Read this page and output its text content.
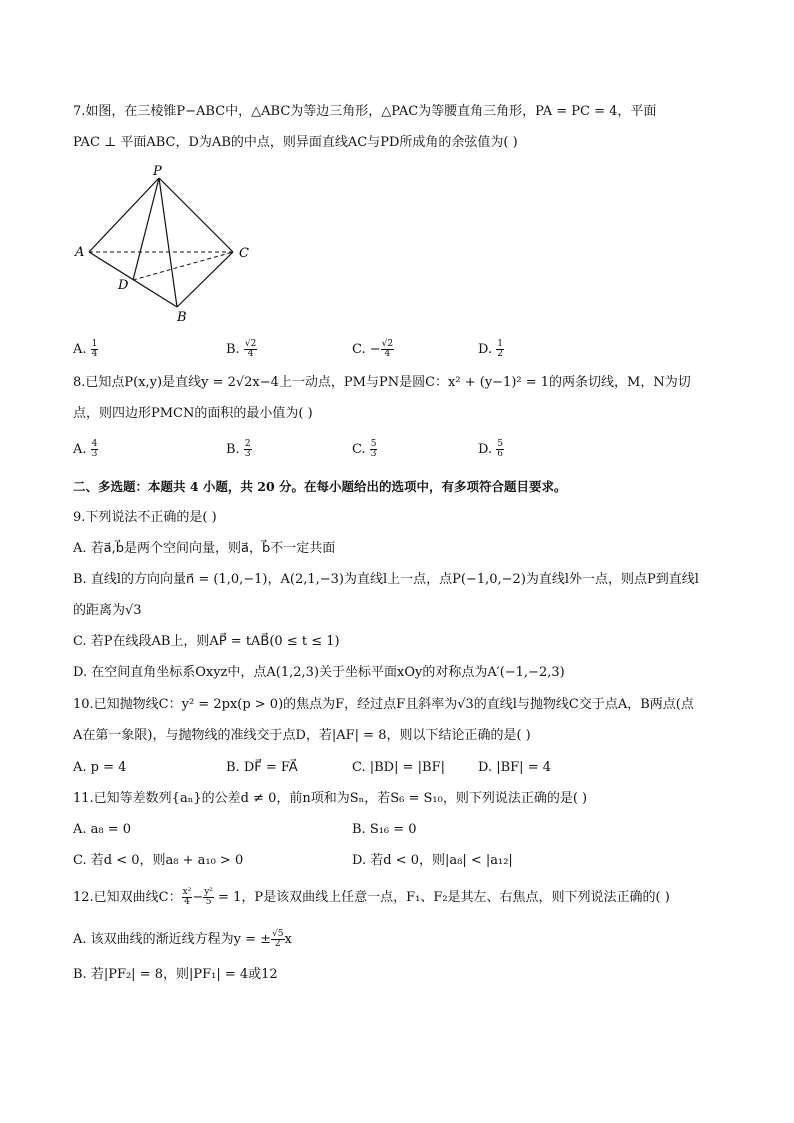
7.如图，在三棱锥P−ABC中，△ABC为等边三角形，△PAC为等腰直角三角形，PA = PC = 4，平面
PAC ⊥ 平面ABC，D为AB的中点，则异面直线AC与PD所成角的余弦值为( )
P
A	C
D
B
A. $\frac{1}{4}$	B. $\frac{√2}{4}$	C. − $\frac{√2}{4}$	D. $\frac{1}{2}$
8.已知点P(x,y)是直线y = 2√2x−4上一动点，PM与PN是圆C：x² + (y−1)² = 1的两条切线，M，N为切
点，则四边形PMCN的面积的最小值为( )
A. $\frac{4}{3}$	B. $\frac{2}{3}$	C. $\frac{5}{3}$	D. $\frac{5}{6}$
二、多选题：本题共 4 小题，共 20 分。在每小题给出的选项中，有多项符合题目要求。
9.下列说法不正确的是( )
A. 若a⃗,b⃗是两个空间向量，则a⃗，b⃗不一定共面
B. 直线l的方向向量n⃗ = (1,0,−1)，A(2,1,−3)为直线l上一点，点P(−1,0,−2)为直线l外一点，则点P到直线l
的距离为√3
C. 若P在线段AB上，则AP⃗ = tAB⃗(0 ≤ t ≤ 1)
D. 在空间直角坐标系Oxyz中，点A(1,2,3)关于坐标平面xOy的对称点为A′(−1,−2,3)
10.已知抛物线C：y² = 2px(p > 0)的焦点为F，经过点F且斜率为√3的直线l与抛物线C交于点A，B两点(点
A在第一象限)，与抛物线的准线交于点D，若|AF| = 8，则以下结论正确的是( )
A. p = 4	B. DF⃗ = FA⃗	C. |BD| = |BF|	D. |BF| = 4
11.已知等差数列{aₙ}的公差d ≠ 0，前n项和为Sₙ，若S₆ = S₁₀，则下列说法正确的是( )
A. a₈ = 0	B. S₁₆ = 0
C. 若d < 0，则a₈ + a₁₀ > 0	D. 若d < 0，则|a₈| < |a₁₂|
12.已知双曲线C： $\frac{\text{x²}}{4} - \frac{\text{y²}}{5} = 1$，P是该双曲线上任意一点，F₁、F₂是其左、右焦点，则下列说法正确的( )
A. 该双曲线的渐近线方程为y = ± $\frac{√5}{2}$ x
B. 若|PF₂| = 8，则|PF₁| = 4或12
